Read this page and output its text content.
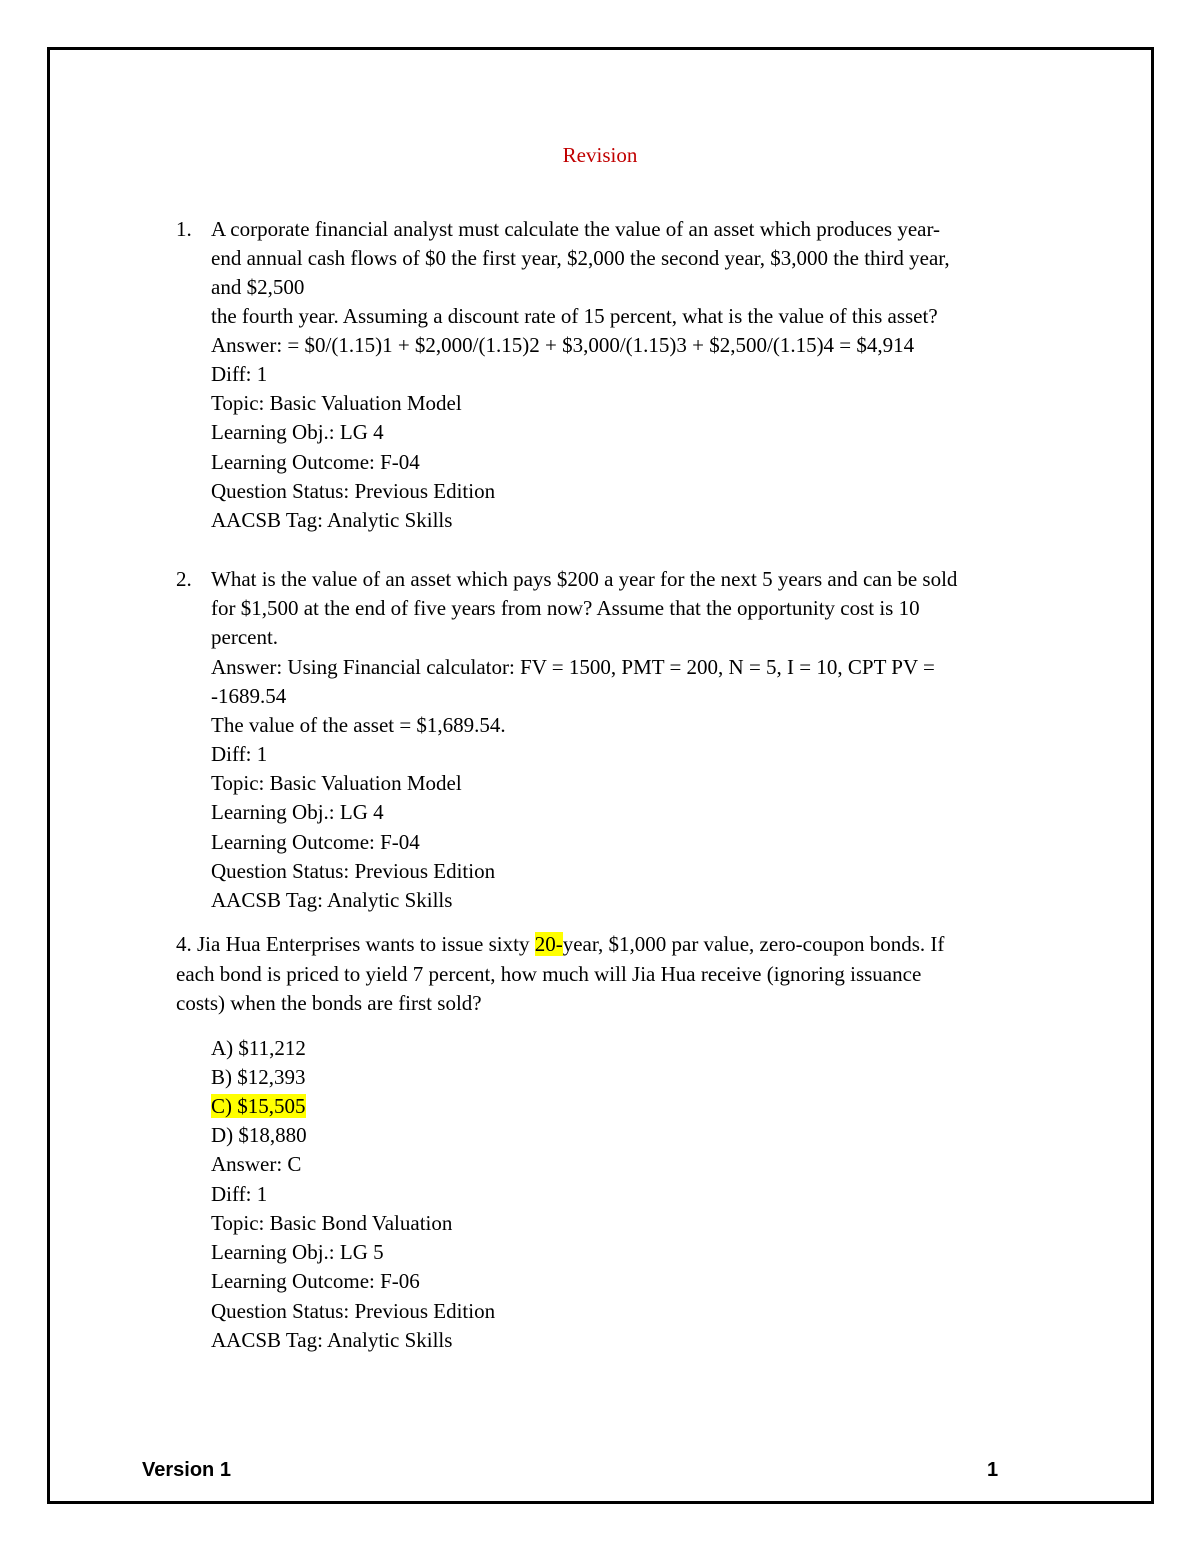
Revision
1. A corporate financial analyst must calculate the value of an asset which produces year-
end annual cash flows of $0 the first year, $2,000 the second year, $3,000 the third year,
and $2,500
the fourth year. Assuming a discount rate of 15 percent, what is the value of this asset?
Answer: = $0/(1.15)1 + $2,000/(1.15)2 + $3,000/(1.15)3 + $2,500/(1.15)4 = $4,914
Diff: 1
Topic: Basic Valuation Model
Learning Obj.: LG 4
Learning Outcome: F-04
Question Status: Previous Edition
AACSB Tag: Analytic Skills
2. What is the value of an asset which pays $200 a year for the next 5 years and can be sold
for $1,500 at the end of five years from now? Assume that the opportunity cost is 10
percent.
Answer: Using Financial calculator: FV = 1500, PMT = 200, N = 5, I = 10, CPT PV =
-1689.54
The value of the asset = $1,689.54.
Diff: 1
Topic: Basic Valuation Model
Learning Obj.: LG 4
Learning Outcome: F-04
Question Status: Previous Edition
AACSB Tag: Analytic Skills
4. Jia Hua Enterprises wants to issue sixty 20-year, $1,000 par value, zero-coupon bonds. If
each bond is priced to yield 7 percent, how much will Jia Hua receive (ignoring issuance
costs) when the bonds are first sold?
A) $11,212
B) $12,393
C) $15,505
D) $18,880
Answer: C
Diff: 1
Topic: Basic Bond Valuation
Learning Obj.: LG 5
Learning Outcome: F-06
Question Status: Previous Edition
AACSB Tag: Analytic Skills
Version 1	1
